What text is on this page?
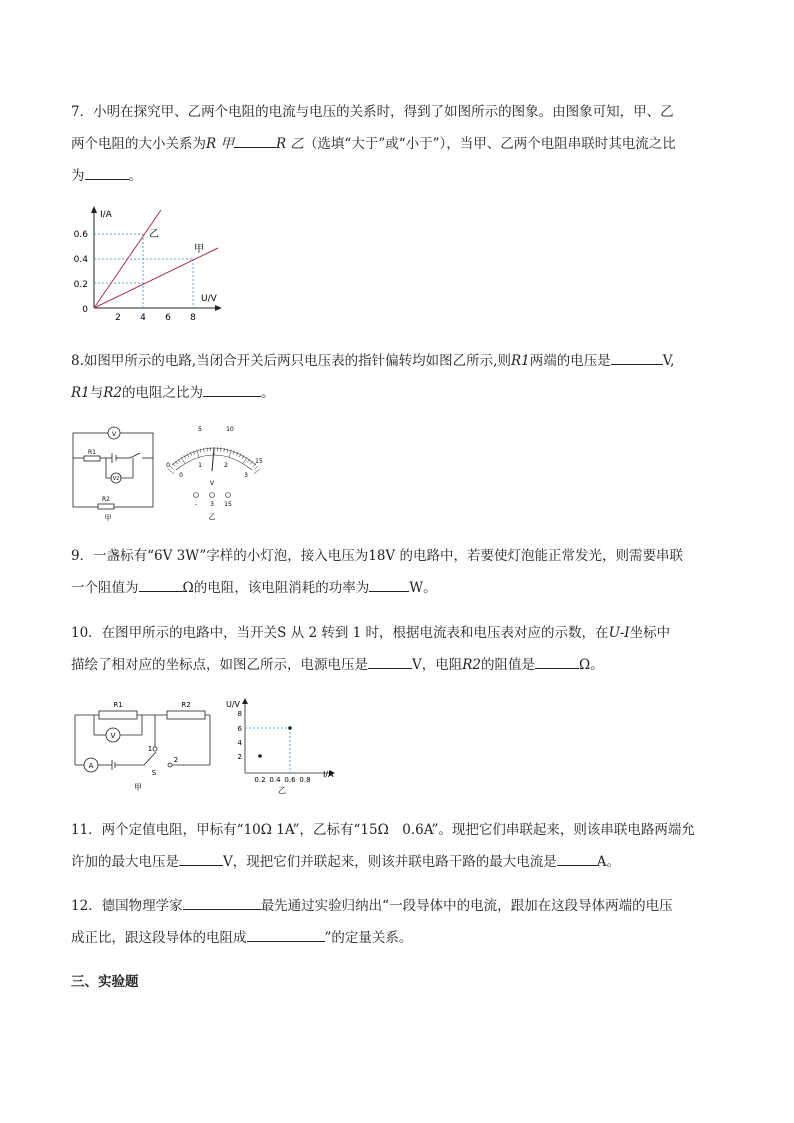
7．小明在探究甲、乙两个电阻的电流与电压的关系时，得到了如图所示的图象。由图象可知，甲、乙
两个电阻的大小关系为R 甲	R 乙（选填“大于”或“小于”），当甲、乙两个电阻串联时其电流之比
为	。
I/A
U/V
0.6
0.4
0.2
0
2 4 6 8
乙
甲
8.如图甲所示的电路,当闭合开关后两只电压表的指针偏转均如图乙所示,则R1两端的电压是	V,
R1与R2的电阻之比为	。
V
V2
R1
R2
甲
0
5	10
15
0
1	2
3
V
- 3 15
乙
9．一盏标有“6V 3W”字样的小灯泡，接入电压为18V 的电路中，若要使灯泡能正常发光，则需要串联
一个阻值为	Ω的电阻，该电阻消耗的功率为	W。
10．在图甲所示的电路中，当开关S 从 2 转到 1 时，根据电流表和电压表对应的示数，在U-I坐标中
描绘了相对应的坐标点，如图乙所示，电源电压是	V，电阻R2的阻值是	Ω。
R1	R2
V
A
1
2
S
甲
U/V
I/A
8
6
4
2
0.2 0.4 0.6 0.8
乙
11．两个定值电阻，甲标有“10Ω 1A”，乙标有“15Ω　0.6A”。现把它们串联起来，则该串联电路两端允
许加的最大电压是	V，现把它们并联起来，则该并联电路干路的最大电流是	A。
12．德国物理学家	最先通过实验归纳出“一段导体中的电流，跟加在这段导体两端的电压
成正比，跟这段导体的电阻成	”的定量关系。
三、实验题
